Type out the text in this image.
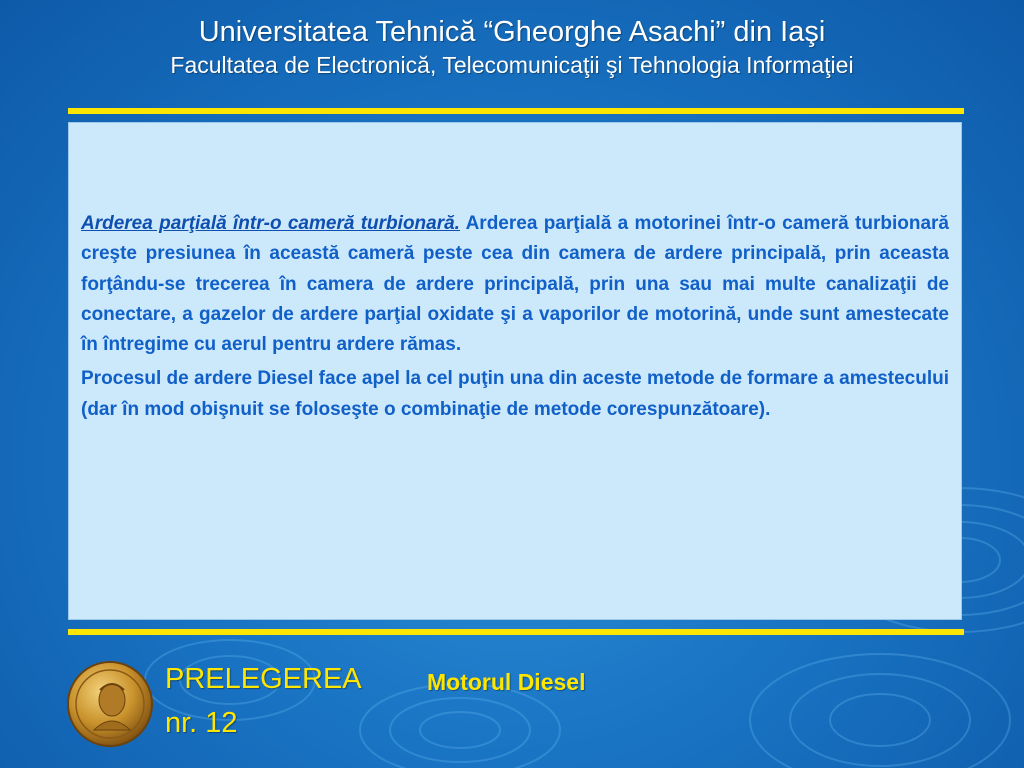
Universitatea Tehnică “Gheorghe Asachi” din Iaşi
Facultatea de Electronică, Telecomunicaţii şi Tehnologia Informaţiei

Arderea parţială într-o cameră turbionară. Arderea parţială a motorinei într-o cameră turbionară creşte presiunea în această cameră peste cea din camera de ardere principală, prin aceasta forţându-se trecerea în camera de ardere principală, prin una sau mai multe canalizaţii de conectare, a gazelor de ardere parţial oxidate şi a vaporilor de motorină, unde sunt amestecate în întregime cu aerul pentru ardere rămas.

Procesul de ardere Diesel face apel la cel puţin una din aceste metode de formare a amestecului (dar în mod obişnuit se foloseşte o combinaţie de metode corespunzătoare).

PRELEGEREA
nr. 12
Motorul Diesel
